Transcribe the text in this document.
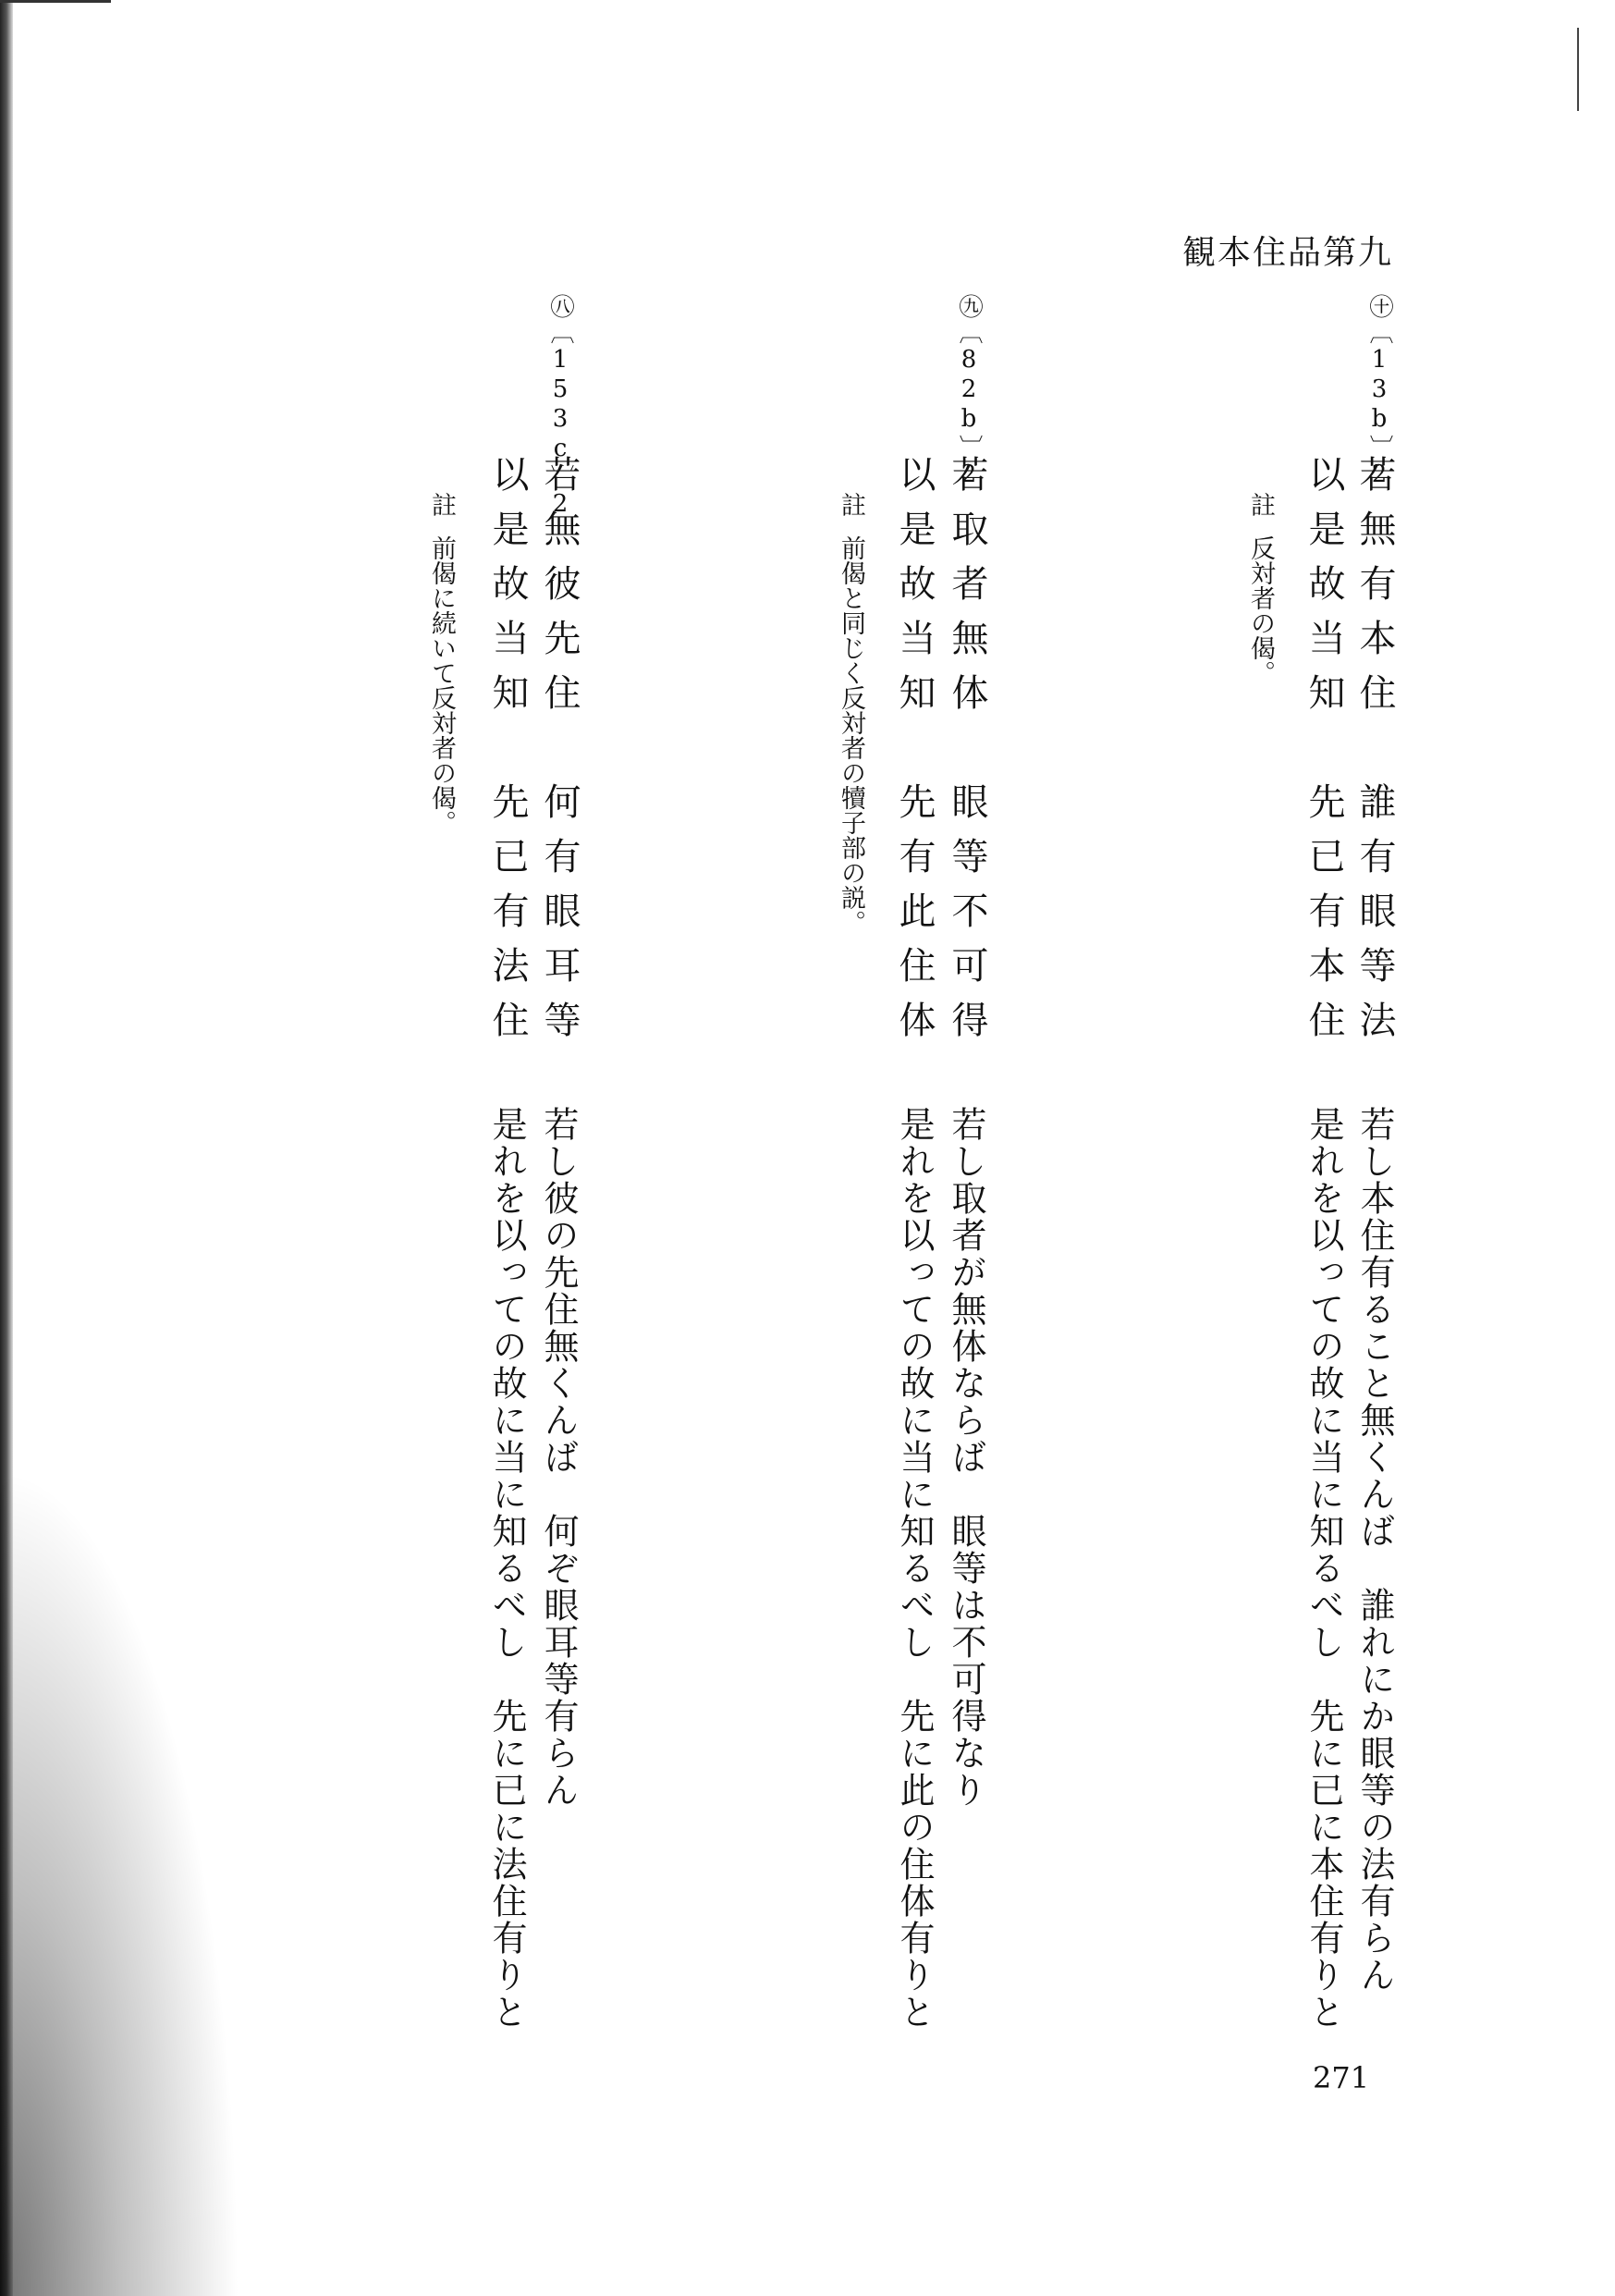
観本住品第九
㊉〔13b〕2
若無有本住　誰有眼等法
以是故当知　先已有本住
註反対者の偈。
若し本住有ること無くんば　誰れにか眼等の法有らん
是れを以っての故に当に知るべし　先に已に本住有りと
㊈〔82b〕2
若取者無体　眼等不可得
以是故当知　先有此住体
註前偈と同じく反対者の犢子部の説。
若し取者が無体ならば　眼等は不可得なり
是れを以っての故に当に知るべし　先に此の住体有りと
㊇〔153c〕2
若無彼先住　何有眼耳等
以是故当知　先已有法住
註前偈に続いて反対者の偈。
若し彼の先住無くんば　何ぞ眼耳等有らん
是れを以っての故に当に知るべし　先に已に法住有りと
271
